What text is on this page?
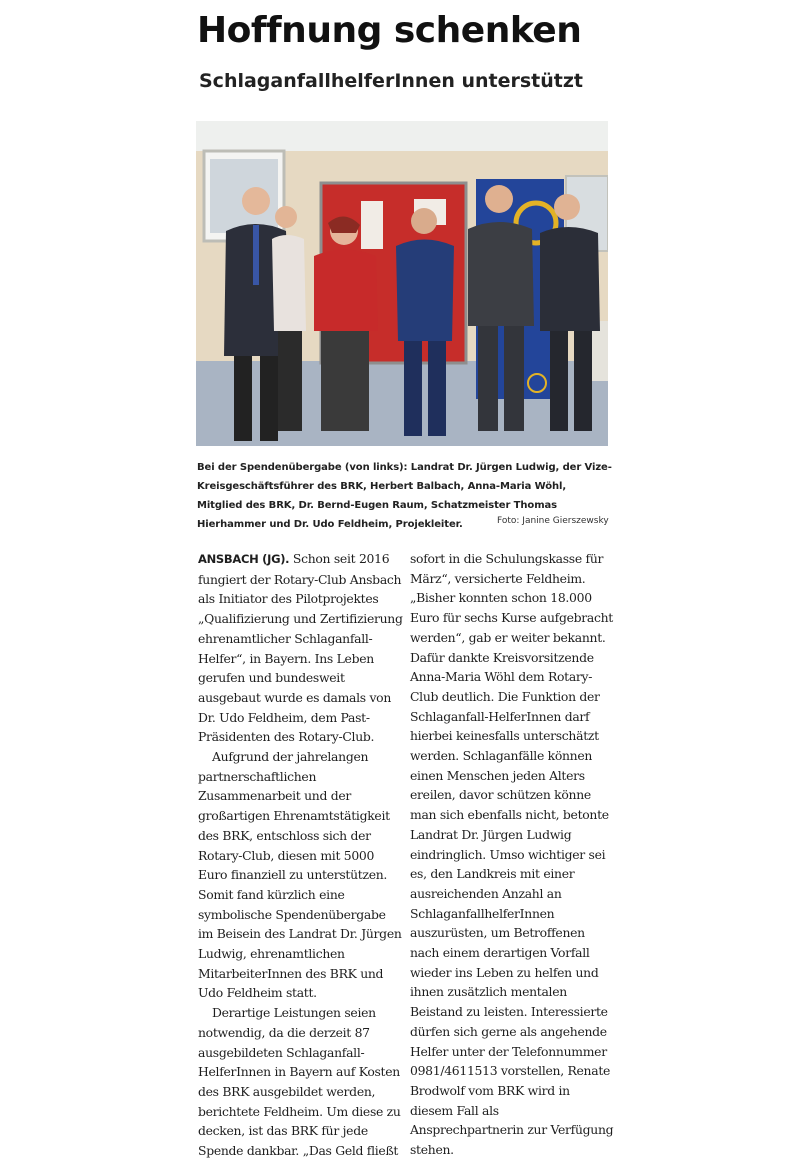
Hoffnung schenken
SchlaganfallhelferInnen unterstützt

Bei der Spendenübergabe (von links): Landrat Dr. Jürgen Ludwig, der Vize-Kreisgeschäftsführer des BRK, Herbert Balbach, Anna-Maria Wöhl, Mitglied des BRK, Dr. Bernd-Eugen Raum, Schatzmeister Thomas Hierhammer und Dr. Udo Feldheim, Projekleiter.	Foto: Janine Gierszewsky

ANSBACH (JG). Schon seit 2016 fungiert der Rotary-Club Ansbach als Initiator des Pilotprojektes „Qualifizierung und Zertifizierung ehrenamtlicher Schlaganfall-Helfer“, in Bayern. Ins Leben gerufen und bundesweit ausgebaut wurde es damals von Dr. Udo Feldheim, dem Past-Präsidenten des Rotary-Club.

Aufgrund der jahrelangen partnerschaftlichen Zusammenarbeit und der großartigen Ehrenamtstätigkeit des BRK, entschloss sich der Rotary-Club, diesen mit 5000 Euro finanziell zu unterstützen. Somit fand kürzlich eine symbolische Spendenübergabe im Beisein des Landrat Dr. Jürgen Ludwig, ehrenamtlichen MitarbeiterInnen des BRK und Udo Feldheim statt.

Derartige Leistungen seien notwendig, da die derzeit 87 ausgebildeten Schlaganfall-HelferInnen in Bayern auf Kosten des BRK ausgebildet werden, berichtete Feldheim. Um diese zu decken, ist das BRK für jede Spende dankbar. „Das Geld fließt

sofort in die Schulungskasse für März“, versicherte Feldheim. „Bisher konnten schon 18.000 Euro für sechs Kurse aufgebracht werden“, gab er weiter bekannt. Dafür dankte Kreisvorsitzende Anna-Maria Wöhl dem Rotary-Club deutlich. Die Funktion der Schlaganfall-HelferInnen darf hierbei keinesfalls unterschätzt werden. Schlaganfälle können einen Menschen jeden Alters ereilen, davor schützen könne man sich ebenfalls nicht, betonte Landrat Dr. Jürgen Ludwig eindringlich. Umso wichtiger sei es, den Landkreis mit einer ausreichenden Anzahl an SchlaganfallhelferInnen auszurüsten, um Betroffenen nach einem derartigen Vorfall wieder ins Leben zu helfen und ihnen zusätzlich mentalen Beistand zu leisten. Interessierte dürfen sich gerne als angehende Helfer unter der Telefonnummer 0981/4611513 vorstellen, Renate Brodwolf vom BRK wird in diesem Fall als Ansprechpartnerin zur Verfügung stehen.
